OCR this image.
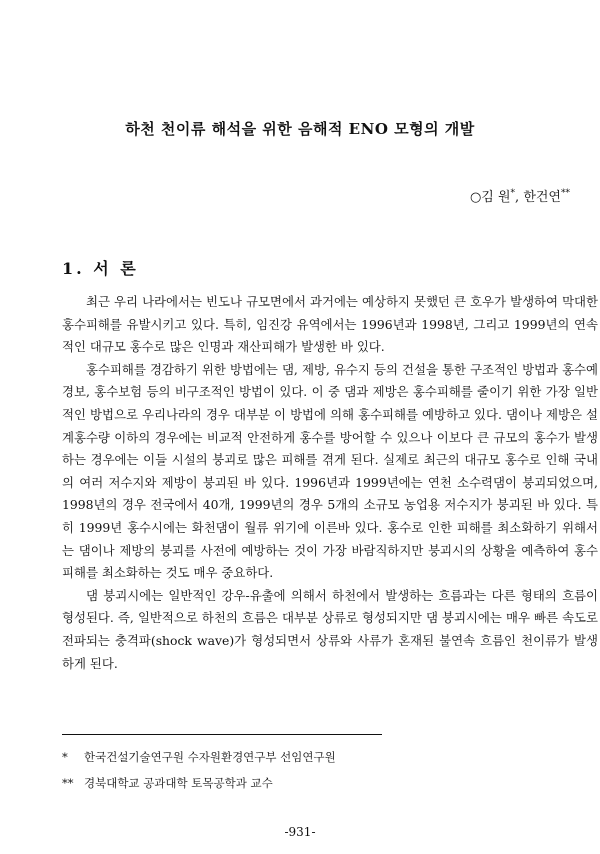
하천 천이류 해석을 위한 음해적 ENO 모형의 개발
○김 원*, 한건연**
1. 서 론

최근 우리 나라에서는 빈도나 규모면에서 과거에는 예상하지 못했던 큰 호우가 발생하여 막대한 홍수피해를 유발시키고 있다. 특히, 임진강 유역에서는 1996년과 1998년, 그리고 1999년의 연속적인 대규모 홍수로 많은 인명과 재산피해가 발생한 바 있다.

홍수피해를 경감하기 위한 방법에는 댐, 제방, 유수지 등의 건설을 통한 구조적인 방법과 홍수예경보, 홍수보험 등의 비구조적인 방법이 있다. 이 중 댐과 제방은 홍수피해를 줄이기 위한 가장 일반적인 방법으로 우리나라의 경우 대부분 이 방법에 의해 홍수피해를 예방하고 있다. 댐이나 제방은 설계홍수량 이하의 경우에는 비교적 안전하게 홍수를 방어할 수 있으나 이보다 큰 규모의 홍수가 발생하는 경우에는 이들 시설의 붕괴로 많은 피해를 겪게 된다. 실제로 최근의 대규모 홍수로 인해 국내의 여러 저수지와 제방이 붕괴된 바 있다. 1996년과 1999년에는 연천 소수력댐이 붕괴되었으며, 1998년의 경우 전국에서 40개, 1999년의 경우 5개의 소규모 농업용 저수지가 붕괴된 바 있다. 특히 1999년 홍수시에는 화천댐이 월류 위기에 이른바 있다. 홍수로 인한 피해를 최소화하기 위해서는 댐이나 제방의 붕괴를 사전에 예방하는 것이 가장 바람직하지만 붕괴시의 상황을 예측하여 홍수피해를 최소화하는 것도 매우 중요하다.

댐 붕괴시에는 일반적인 강우-유출에 의해서 하천에서 발생하는 흐름과는 다른 형태의 흐름이 형성된다. 즉, 일반적으로 하천의 흐름은 대부분 상류로 형성되지만 댐 붕괴시에는 매우 빠른 속도로 전파되는 충격파(shock wave)가 형성되면서 상류와 사류가 혼재된 불연속 흐름인 천이류가 발생하게 된다.

* 한국건설기술연구원 수자원환경연구부 선임연구원
** 경북대학교 공과대학 토목공학과 교수
-931-
